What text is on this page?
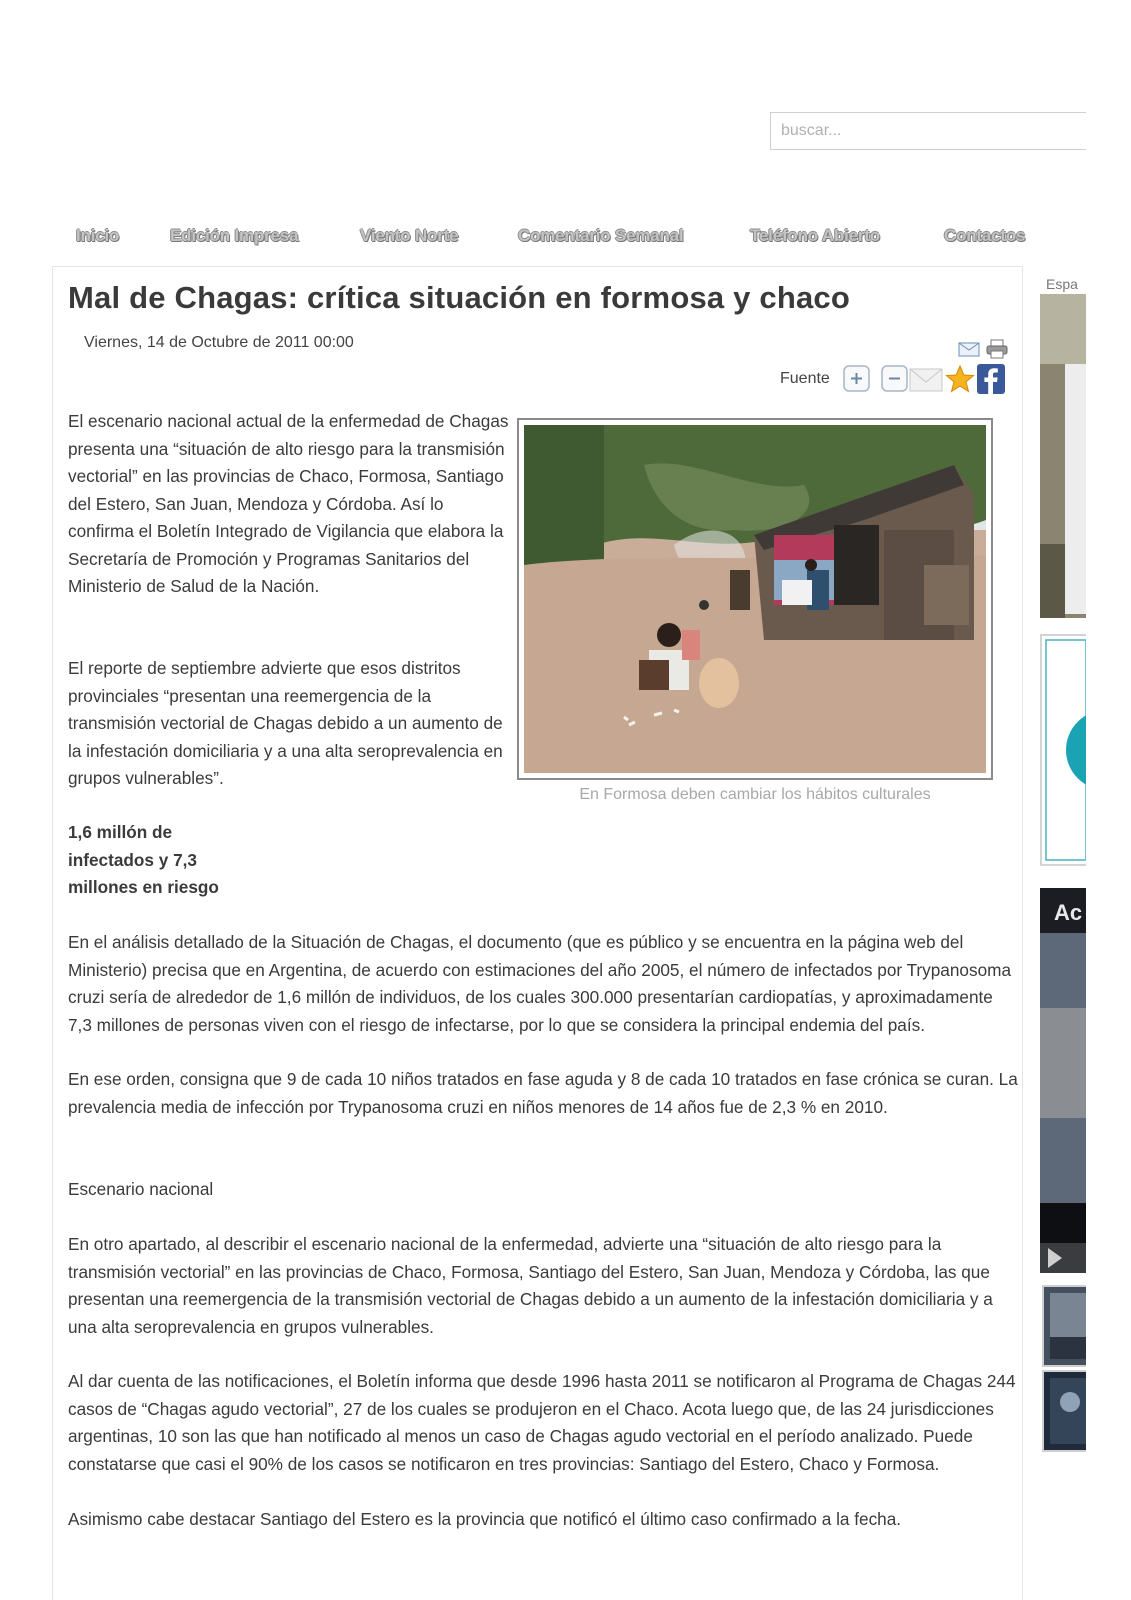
buscar...
Inicio	Edición Impresa	Viento Norte	Comentario Semanal	Teléfono Abierto	Contactos
Mal de Chagas: crítica situación en formosa y chaco
Viernes, 14 de Octubre de 2011 00:00
Fuente

El escenario nacional actual de la enfermedad de Chagas presenta una “situación de alto riesgo para la transmisión vectorial” en las provincias de Chaco, Formosa, Santiago del Estero, San Juan, Mendoza y Córdoba. Así lo confirma el Boletín Integrado de Vigilancia que elabora la Secretaría de Promoción y Programas Sanitarios del Ministerio de Salud de la Nación.

El reporte de septiembre advierte que esos distritos provinciales “presentan una reemergencia de la transmisión vectorial de Chagas debido a un aumento de la infestación domiciliaria y a una alta seroprevalencia en grupos vulnerables”.

1,6 millón de infectados y 7,3 millones en riesgo

En el análisis detallado de la Situación de Chagas, el documento (que es público y se encuentra en la página web del Ministerio) precisa que en Argentina, de acuerdo con estimaciones del año 2005, el número de infectados por Trypanosoma cruzi sería de alrededor de 1,6 millón de individuos, de los cuales 300.000 presentarían cardiopatías, y aproximadamente 7,3 millones de personas viven con el riesgo de infectarse, por lo que se considera la principal endemia del país.

En ese orden, consigna que 9 de cada 10 niños tratados en fase aguda y 8 de cada 10 tratados en fase crónica se curan. La prevalencia media de infección por Trypanosoma cruzi en niños menores de 14 años fue de 2,3 % en 2010.

Escenario nacional

En otro apartado, al describir el escenario nacional de la enfermedad, advierte una “situación de alto riesgo para la transmisión vectorial” en las provincias de Chaco, Formosa, Santiago del Estero, San Juan, Mendoza y Córdoba, las que presentan una reemergencia de la transmisión vectorial de Chagas debido a un aumento de la infestación domiciliaria y a una alta seroprevalencia en grupos vulnerables.

Al dar cuenta de las notificaciones, el Boletín informa que desde 1996 hasta 2011 se notificaron al Programa de Chagas 244 casos de “Chagas agudo vectorial”, 27 de los cuales se produjeron en el Chaco. Acota luego que, de las 24 jurisdicciones argentinas, 10 son las que han notificado al menos un caso de Chagas agudo vectorial en el período analizado. Puede constatarse que casi el 90% de los casos se notificaron en tres provincias: Santiago del Estero, Chaco y Formosa.

Asimismo cabe destacar Santiago del Estero es la provincia que notificó el último caso confirmado a la fecha.

En Formosa deben cambiar los hábitos culturales
Espa
Ac
